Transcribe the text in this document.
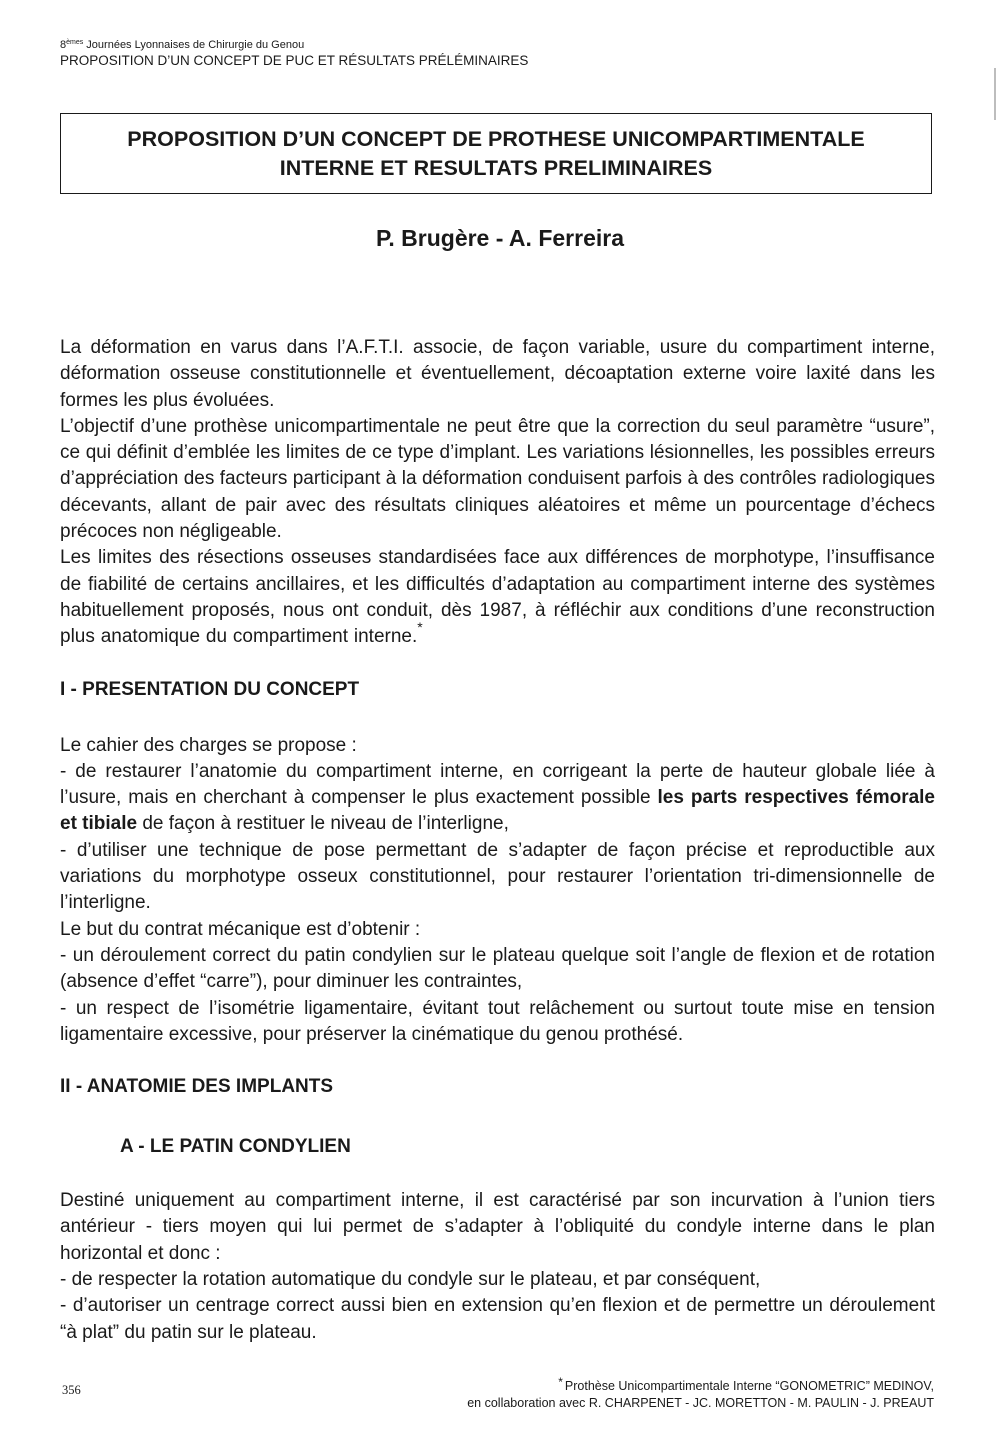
8èmes Journées Lyonnaises de Chirurgie du Genou
PROPOSITION D’UN CONCEPT DE PUC ET RÉSULTATS PRÉLÉMINAIRES
PROPOSITION D’UN CONCEPT DE PROTHESE UNICOMPARTIMENTALE
INTERNE ET RESULTATS PRELIMINAIRES
P. Brugère - A. Ferreira

La déformation en varus dans l’A.F.T.I. associe, de façon variable, usure du compartiment interne, déformation osseuse constitutionnelle et éventuellement, décoaptation externe voire laxité dans les formes les plus évoluées.

L’objectif d’une prothèse unicompartimentale ne peut être que la correction du seul paramètre “usure”, ce qui définit d’emblée les limites de ce type d’implant. Les variations lésionnelles, les possibles erreurs d’appréciation des facteurs participant à la déformation conduisent parfois à des contrôles radiologiques décevants, allant de pair avec des résultats cliniques aléatoires et même un pourcentage d’échecs précoces non négligeable.

Les limites des résections osseuses standardisées face aux différences de morphotype, l’insuffisance de fiabilité de certains ancillaires, et les difficultés d’adaptation au compartiment interne des systèmes habituellement proposés, nous ont conduit, dès 1987, à réfléchir aux conditions d’une reconstruction plus anatomique du compartiment interne.*

I - PRESENTATION DU CONCEPT

Le cahier des charges se propose :

- de restaurer l’anatomie du compartiment interne, en corrigeant la perte de hauteur globale liée à l’usure, mais en cherchant à compenser le plus exactement possible les parts respectives fémorale et tibiale de façon à restituer le niveau de l’interligne,

- d’utiliser une technique de pose permettant de s’adapter de façon précise et reproductible aux variations du morphotype osseux constitutionnel, pour restaurer l’orientation tri-dimensionnelle de l’interligne.

Le but du contrat mécanique est d’obtenir :

- un déroulement correct du patin condylien sur le plateau quelque soit l’angle de flexion et de rotation (absence d’effet “carre”), pour diminuer les contraintes,

- un respect de l’isométrie ligamentaire, évitant tout relâchement ou surtout toute mise en tension ligamentaire excessive, pour préserver la cinématique du genou prothésé.

II - ANATOMIE DES IMPLANTS
A - LE PATIN CONDYLIEN

Destiné uniquement au compartiment interne, il est caractérisé par son incurvation à l’union tiers antérieur - tiers moyen qui lui permet de s’adapter à l’obliquité du condyle interne dans le plan horizontal et donc :

- de respecter la rotation automatique du condyle sur le plateau, et par conséquent,

- d’autoriser un centrage correct aussi bien en extension qu’en flexion et de permettre un déroulement “à plat” du patin sur le plateau.

356
* Prothèse Unicompartimentale Interne “GONOMETRIC” MEDINOV,
en collaboration avec R. CHARPENET - JC. MORETTON - M. PAULIN - J. PREAUT
